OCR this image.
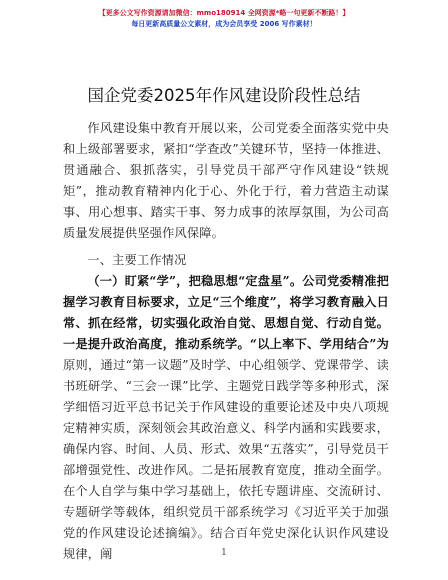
【更多公文写作资源请加微信：mmo180914 全网资源*略一句更新不断路！】
每日更新高质量公文素材，成为会员享受 2006 写作素材！
国企党委2025年作风建设阶段性总结

作风建设集中教育开展以来，公司党委全面落实党中央和上级部署要求，紧扣“学查改”关键环节，坚持一体推进、贯通融合、狠抓落实，引导党员干部严守作风建设“铁规矩”，推动教育精神内化于心、外化于行，着力营造主动谋事、用心想事、踏实干事、努力成事的浓厚氛围，为公司高质量发展提供坚强作风保障。

一、主要工作情况

（一）盯紧“学”，把稳思想“定盘星”。公司党委精准把握学习教育目标要求，立足“三个维度”，将学习教育融入日常、抓在经常，切实强化政治自觉、思想自觉、行动自觉。一是提升政治高度，推动系统学。“以上率下、学用结合”为原则，通过“第一议题”及时学、中心组领学、党课带学、读书班研学、“三会一课”比学、主题党日践学等多种形式，深学细悟习近平总书记关于作风建设的重要论述及中央八项规定精神实质，深刻领会其政治意义、科学内涵和实践要求，确保内容、时间、人员、形式、效果“五落实”，引导党员干部增强党性、改进作风。二是拓展教育宽度，推动全面学。在个人自学与集中学习基础上，依托专题讲座、交流研讨、专题研学等载体，组织党员干部系统学习《习近平关于加强党的作风建设论述摘编》。结合百年党史深化认识作风建设规律，阐	1
